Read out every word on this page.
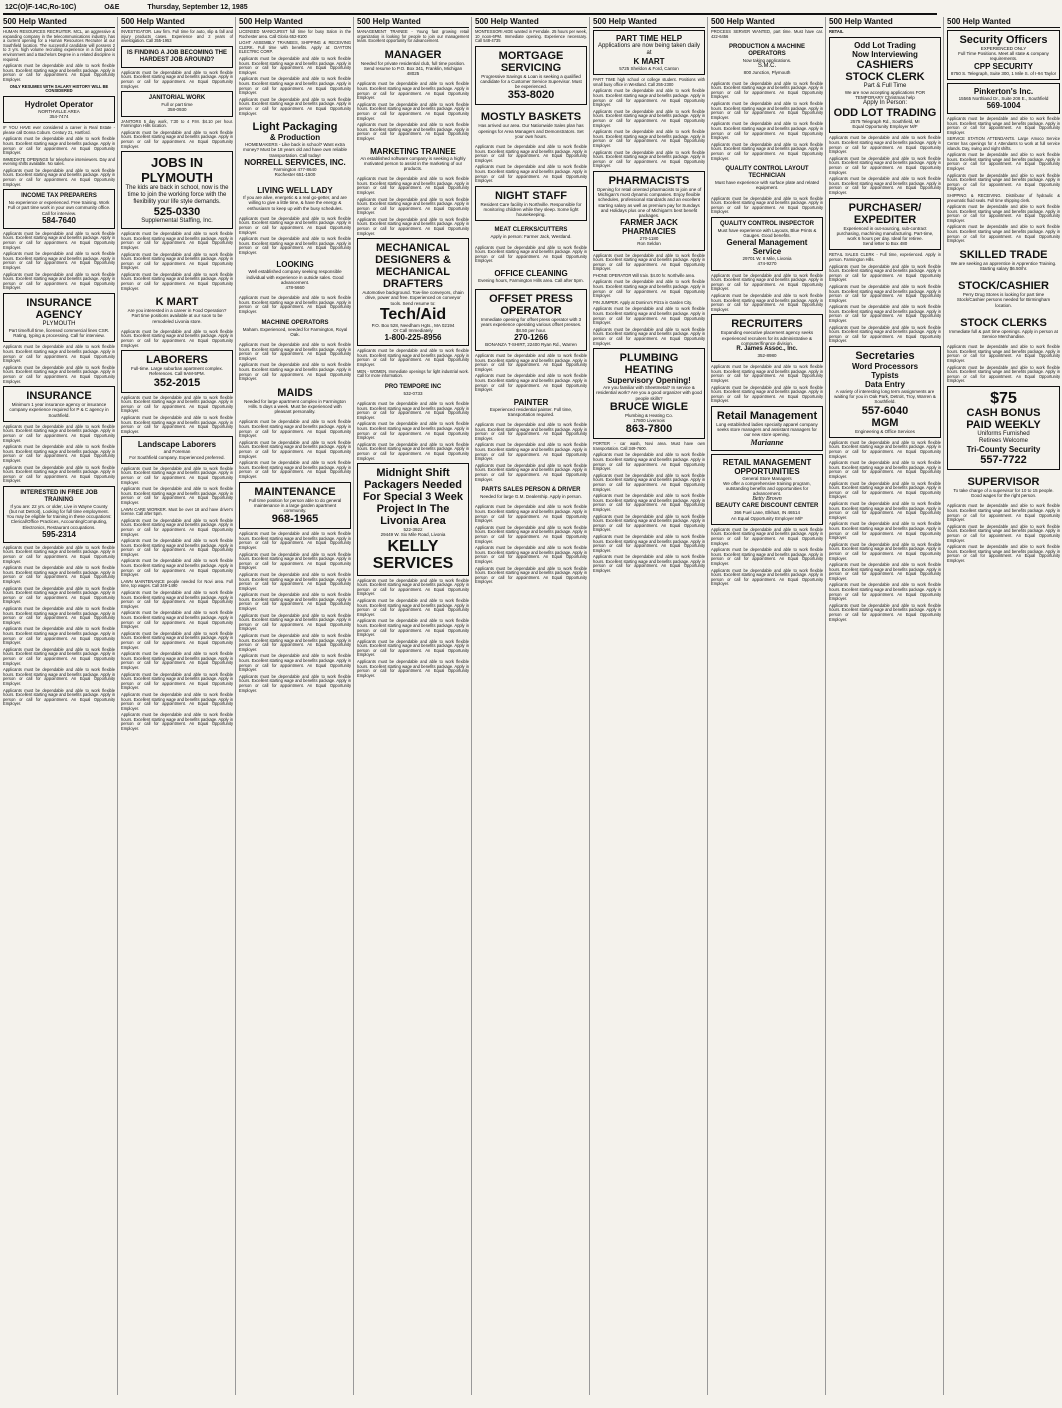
12C(O)F-14C,Ro-10C)	O&E	Thursday, September 12, 1985
500 Help Wanted

HUMAN RESOURCES RECRUITER. MCL, an aggressive & expanding company in the telecommunications industry, has a current opening for a Human Resources Recruiter at our Southfield location. The successful candidate will possess 2 to 3 yrs. high volume recruiting experience in a fast paced environment and a Bachelors Degree in a related discipline is required.

Applicants must be dependable and able to work flexible hours. Excellent starting wage and benefits package. Apply in person or call for appointment. An Equal Opportunity Employer.

ONLY RESUMES WITH SALARY HISTORY WILL BE CONSIDERED

Hydrolet Operator
NORTHVILLE AREA
354-7474

IF YOU HAVE ever considered a career in Real Estate - please call Donna Coburn. Century 21, Hartford.

Applicants must be dependable and able to work flexible hours. Excellent starting wage and benefits package. Apply in person or call for appointment. An Equal Opportunity Employer.

IMMEDIATE OPENINGS for telephone interviewers. Day and evening shifts available. No sales.

Applicants must be dependable and able to work flexible hours. Excellent starting wage and benefits package. Apply in person or call for appointment. An Equal Opportunity Employer.

INCOME TAX PREPARERS
No experience or experienced. Free training. Work Full or part time work in your own community office. Call for interview.
584-7640

Applicants must be dependable and able to work flexible hours. Excellent starting wage and benefits package. Apply in person or call for appointment. An Equal Opportunity Employer.

Applicants must be dependable and able to work flexible hours. Excellent starting wage and benefits package. Apply in person or call for appointment. An Equal Opportunity Employer.

Applicants must be dependable and able to work flexible hours. Excellent starting wage and benefits package. Apply in person or call for appointment. An Equal Opportunity Employer.

INSURANCE AGENCY
PLYMOUTH
Part time/full time, licensed commercial lines CSR. Rating, typing & processing. Call for interview.

Applicants must be dependable and able to work flexible hours. Excellent starting wage and benefits package. Apply in person or call for appointment. An Equal Opportunity Employer.

Applicants must be dependable and able to work flexible hours. Excellent starting wage and benefits package. Apply in person or call for appointment. An Equal Opportunity Employer.

INSURANCE
Minimum 1 year insurance agency or insurance company experience required for P & C agency in Southfield.

Applicants must be dependable and able to work flexible hours. Excellent starting wage and benefits package. Apply in person or call for appointment. An Equal Opportunity Employer.

Applicants must be dependable and able to work flexible hours. Excellent starting wage and benefits package. Apply in person or call for appointment. An Equal Opportunity Employer.

Applicants must be dependable and able to work flexible hours. Excellent starting wage and benefits package. Apply in person or call for appointment. An Equal Opportunity Employer.

INTERESTED IN FREE JOB TRAINING
If you are: 22 yrs. or older, Live in Wayne County (but not Detroit), Looking for full time employment. You may be eligible for training in these occupations: Clerical/Office Practices, Accounting/Computing, Electronics, Restaurant occupations.
595-2314

Applicants must be dependable and able to work flexible hours. Excellent starting wage and benefits package. Apply in person or call for appointment. An Equal Opportunity Employer.

Applicants must be dependable and able to work flexible hours. Excellent starting wage and benefits package. Apply in person or call for appointment. An Equal Opportunity Employer.

Applicants must be dependable and able to work flexible hours. Excellent starting wage and benefits package. Apply in person or call for appointment. An Equal Opportunity Employer.

Applicants must be dependable and able to work flexible hours. Excellent starting wage and benefits package. Apply in person or call for appointment. An Equal Opportunity Employer.

Applicants must be dependable and able to work flexible hours. Excellent starting wage and benefits package. Apply in person or call for appointment. An Equal Opportunity Employer.

Applicants must be dependable and able to work flexible hours. Excellent starting wage and benefits package. Apply in person or call for appointment. An Equal Opportunity Employer.

Applicants must be dependable and able to work flexible hours. Excellent starting wage and benefits package. Apply in person or call for appointment. An Equal Opportunity Employer.

Applicants must be dependable and able to work flexible hours. Excellent starting wage and benefits package. Apply in person or call for appointment. An Equal Opportunity Employer.

500 Help Wanted

INVESTIGATOR. Law firm. Full time for auto, slip & fall and injury products cases. Experience and 2 years of investigation. Call 355-1953

IS FINDING A JOB BECOMING THE HARDEST JOB AROUND?

Applicants must be dependable and able to work flexible hours. Excellent starting wage and benefits package. Apply in person or call for appointment. An Equal Opportunity Employer.

JANITORIAL WORK
Full or part time
358-0930

JANITORS 5 day work, 7:30 to 4 P.M. $4.10 per hour. Farmington Hills location.

Applicants must be dependable and able to work flexible hours. Excellent starting wage and benefits package. Apply in person or call for appointment. An Equal Opportunity Employer.

JOBS IN PLYMOUTH
The kids are back in school, now is the time to join the working force with the flexibility your life style demands.
525-0330
Supplemental Staffing, Inc.

Applicants must be dependable and able to work flexible hours. Excellent starting wage and benefits package. Apply in person or call for appointment. An Equal Opportunity Employer.

Applicants must be dependable and able to work flexible hours. Excellent starting wage and benefits package. Apply in person or call for appointment. An Equal Opportunity Employer.

Applicants must be dependable and able to work flexible hours. Excellent starting wage and benefits package. Apply in person or call for appointment. An Equal Opportunity Employer.

K MART
Are you interested in a career in Food Operation? Part time positions available at our soon to be remodeled Livonia store.

Applicants must be dependable and able to work flexible hours. Excellent starting wage and benefits package. Apply in person or call for appointment. An Equal Opportunity Employer.

LABORERS
Full-time. Large suburban apartment complex. References. Call 9AM-5PM.
352-2015

Applicants must be dependable and able to work flexible hours. Excellent starting wage and benefits package. Apply in person or call for appointment. An Equal Opportunity Employer.

Applicants must be dependable and able to work flexible hours. Excellent starting wage and benefits package. Apply in person or call for appointment. An Equal Opportunity Employer.

Landscape Laborers
and Foreman
For Southfield company. Experienced preferred.

Applicants must be dependable and able to work flexible hours. Excellent starting wage and benefits package. Apply in person or call for appointment. An Equal Opportunity Employer.

Applicants must be dependable and able to work flexible hours. Excellent starting wage and benefits package. Apply in person or call for appointment. An Equal Opportunity Employer.

LAWN CARE WORKER. Must be over 18 and have driver's license. Call after 5pm.

Applicants must be dependable and able to work flexible hours. Excellent starting wage and benefits package. Apply in person or call for appointment. An Equal Opportunity Employer.

Applicants must be dependable and able to work flexible hours. Excellent starting wage and benefits package. Apply in person or call for appointment. An Equal Opportunity Employer.

Applicants must be dependable and able to work flexible hours. Excellent starting wage and benefits package. Apply in person or call for appointment. An Equal Opportunity Employer.

LAWN MAINTENANCE people needed for Novi area. Full time, top wages. Call 349-1490

Applicants must be dependable and able to work flexible hours. Excellent starting wage and benefits package. Apply in person or call for appointment. An Equal Opportunity Employer.

Applicants must be dependable and able to work flexible hours. Excellent starting wage and benefits package. Apply in person or call for appointment. An Equal Opportunity Employer.

Applicants must be dependable and able to work flexible hours. Excellent starting wage and benefits package. Apply in person or call for appointment. An Equal Opportunity Employer.

Applicants must be dependable and able to work flexible hours. Excellent starting wage and benefits package. Apply in person or call for appointment. An Equal Opportunity Employer.

Applicants must be dependable and able to work flexible hours. Excellent starting wage and benefits package. Apply in person or call for appointment. An Equal Opportunity Employer.

Applicants must be dependable and able to work flexible hours. Excellent starting wage and benefits package. Apply in person or call for appointment. An Equal Opportunity Employer.

Applicants must be dependable and able to work flexible hours. Excellent starting wage and benefits package. Apply in person or call for appointment. An Equal Opportunity Employer.

500 Help Wanted

LICENSED MANICURIST full time for busy Salon in the Rochester area. Call Gloria 652-9100

LIGHT ASSEMBLY TRAINEES, SHIPPING & RECEIVING CLERK. Full time with benefits. Apply at: DAYTON ELECTRIC CORP.

Applicants must be dependable and able to work flexible hours. Excellent starting wage and benefits package. Apply in person or call for appointment. An Equal Opportunity Employer.

Applicants must be dependable and able to work flexible hours. Excellent starting wage and benefits package. Apply in person or call for appointment. An Equal Opportunity Employer.

Applicants must be dependable and able to work flexible hours. Excellent starting wage and benefits package. Apply in person or call for appointment. An Equal Opportunity Employer.

Light Packaging
& Production
HOMEMAKERS - Like back in school? Want extra money? Must be 18 years old and have own reliable transportation. Call today!
NORRELL SERVICES, INC.
Farmington 477-8640
Rochester 651-1500
LIVING WELL LADY
If you are alive, energetic & a real go-getter, and are willing to give a little time, & have the energy & enthusiasm to keep up with the busy schedules.

Applicants must be dependable and able to work flexible hours. Excellent starting wage and benefits package. Apply in person or call for appointment. An Equal Opportunity Employer.

Applicants must be dependable and able to work flexible hours. Excellent starting wage and benefits package. Apply in person or call for appointment. An Equal Opportunity Employer.

LOOKING
Well established company seeking responsible individual with experience in outside sales. Good advancement.
478-5660

Applicants must be dependable and able to work flexible hours. Excellent starting wage and benefits package. Apply in person or call for appointment. An Equal Opportunity Employer.

MACHINE OPERATORS
Maham. Experienced, needed for Farmington, Royal Oak.

Applicants must be dependable and able to work flexible hours. Excellent starting wage and benefits package. Apply in person or call for appointment. An Equal Opportunity Employer.

Applicants must be dependable and able to work flexible hours. Excellent starting wage and benefits package. Apply in person or call for appointment. An Equal Opportunity Employer.

MAIDS
Needed for large apartment complex in Farmington Hills. 5 days a week. Must be experienced with pleasant personality.

Applicants must be dependable and able to work flexible hours. Excellent starting wage and benefits package. Apply in person or call for appointment. An Equal Opportunity Employer.

Applicants must be dependable and able to work flexible hours. Excellent starting wage and benefits package. Apply in person or call for appointment. An Equal Opportunity Employer.

Applicants must be dependable and able to work flexible hours. Excellent starting wage and benefits package. Apply in person or call for appointment. An Equal Opportunity Employer.

MAINTENANCE
Full time position for person able to do general maintenance in a large garden apartment community.
968-1965

Applicants must be dependable and able to work flexible hours. Excellent starting wage and benefits package. Apply in person or call for appointment. An Equal Opportunity Employer.

Applicants must be dependable and able to work flexible hours. Excellent starting wage and benefits package. Apply in person or call for appointment. An Equal Opportunity Employer.

Applicants must be dependable and able to work flexible hours. Excellent starting wage and benefits package. Apply in person or call for appointment. An Equal Opportunity Employer.

Applicants must be dependable and able to work flexible hours. Excellent starting wage and benefits package. Apply in person or call for appointment. An Equal Opportunity Employer.

Applicants must be dependable and able to work flexible hours. Excellent starting wage and benefits package. Apply in person or call for appointment. An Equal Opportunity Employer.

Applicants must be dependable and able to work flexible hours. Excellent starting wage and benefits package. Apply in person or call for appointment. An Equal Opportunity Employer.

Applicants must be dependable and able to work flexible hours. Excellent starting wage and benefits package. Apply in person or call for appointment. An Equal Opportunity Employer.

Applicants must be dependable and able to work flexible hours. Excellent starting wage and benefits package. Apply in person or call for appointment. An Equal Opportunity Employer.

500 Help Wanted

MANAGEMENT TRAINEE - Young fast growing retail organization is looking for people to join our management team. Excellent opportunity for advancement.

MANAGER
Needed for private residential club, full time position. Send resume to P.O. Box 341, Franklin, Michigan 48025

Applicants must be dependable and able to work flexible hours. Excellent starting wage and benefits package. Apply in person or call for appointment. An Equal Opportunity Employer.

Applicants must be dependable and able to work flexible hours. Excellent starting wage and benefits package. Apply in person or call for appointment. An Equal Opportunity Employer.

Applicants must be dependable and able to work flexible hours. Excellent starting wage and benefits package. Apply in person or call for appointment. An Equal Opportunity Employer.

MARKETING TRAINEE
An established software company is seeking a highly motivated person to assist in the marketing of our products.

Applicants must be dependable and able to work flexible hours. Excellent starting wage and benefits package. Apply in person or call for appointment. An Equal Opportunity Employer.

Applicants must be dependable and able to work flexible hours. Excellent starting wage and benefits package. Apply in person or call for appointment. An Equal Opportunity Employer.

Applicants must be dependable and able to work flexible hours. Excellent starting wage and benefits package. Apply in person or call for appointment. An Equal Opportunity Employer.

MECHANICAL DESIGNERS & MECHANICAL DRAFTERS
Automotive background. Tow-line conveyors, chain drive, power and free. Experienced on conveyor tools. Send resume to:
Tech/Aid
P.O. Box 528, Needham Hgts., MA 02194
Or Call Immediately
1-800-225-8956

Applicants must be dependable and able to work flexible hours. Excellent starting wage and benefits package. Apply in person or call for appointment. An Equal Opportunity Employer.

MEN - WOMEN. Immediate openings for light industrial work. Call for more information.

PRO TEMPORE INC
532-0733

Applicants must be dependable and able to work flexible hours. Excellent starting wage and benefits package. Apply in person or call for appointment. An Equal Opportunity Employer.

Applicants must be dependable and able to work flexible hours. Excellent starting wage and benefits package. Apply in person or call for appointment. An Equal Opportunity Employer.

Applicants must be dependable and able to work flexible hours. Excellent starting wage and benefits package. Apply in person or call for appointment. An Equal Opportunity Employer.

Midnight Shift Packagers Needed For Special 3 Week Project In The Livonia Area
522-3922
29449 W. Six Mile Road, Livonia
KELLY SERVICES

Applicants must be dependable and able to work flexible hours. Excellent starting wage and benefits package. Apply in person or call for appointment. An Equal Opportunity Employer.

Applicants must be dependable and able to work flexible hours. Excellent starting wage and benefits package. Apply in person or call for appointment. An Equal Opportunity Employer.

Applicants must be dependable and able to work flexible hours. Excellent starting wage and benefits package. Apply in person or call for appointment. An Equal Opportunity Employer.

Applicants must be dependable and able to work flexible hours. Excellent starting wage and benefits package. Apply in person or call for appointment. An Equal Opportunity Employer.

Applicants must be dependable and able to work flexible hours. Excellent starting wage and benefits package. Apply in person or call for appointment. An Equal Opportunity Employer.

500 Help Wanted

MONTESSORI AIDE wanted in Ferndale. 25 hours per week, 10 noon-6PM. Immediate opening. Experience necessary. Call 548-4735

MORTGAGE SERVICING
Progressive Savings & Loan is seeking a qualified candidate for a Customer Service Supervisor. Must be experienced.
353-8020
MOSTLY BASKETS
Has arrived our area. Our Nationwide Sales plan has openings for Area Managers and Demonstrators. Set your own hours.

Applicants must be dependable and able to work flexible hours. Excellent starting wage and benefits package. Apply in person or call for appointment. An Equal Opportunity Employer.

Applicants must be dependable and able to work flexible hours. Excellent starting wage and benefits package. Apply in person or call for appointment. An Equal Opportunity Employer.

NIGHT STAFF
Resident Care facility in Northville. Responsible for monitoring children while they sleep. Some light housekeeping.
MEAT CLERKS/CUTTERS
Apply in person: Farmer Jack, Westland.

Applicants must be dependable and able to work flexible hours. Excellent starting wage and benefits package. Apply in person or call for appointment. An Equal Opportunity Employer.

OFFICE CLEANING
Evening hours, Farmington Hills area. Call after 5pm.
OFFSET PRESS OPERATOR
Immediate opening for offset press operator with 3 years experience operating various offset presses. $8.50 per hour.
270-1266
BONANZA T-SHIRT, 22400 Ryan Rd., Warren

Applicants must be dependable and able to work flexible hours. Excellent starting wage and benefits package. Apply in person or call for appointment. An Equal Opportunity Employer.

Applicants must be dependable and able to work flexible hours. Excellent starting wage and benefits package. Apply in person or call for appointment. An Equal Opportunity Employer.

PAINTER
Experienced residential painter. Full time, transportation required.

Applicants must be dependable and able to work flexible hours. Excellent starting wage and benefits package. Apply in person or call for appointment. An Equal Opportunity Employer.

Applicants must be dependable and able to work flexible hours. Excellent starting wage and benefits package. Apply in person or call for appointment. An Equal Opportunity Employer.

Applicants must be dependable and able to work flexible hours. Excellent starting wage and benefits package. Apply in person or call for appointment. An Equal Opportunity Employer.

PARTS SALES PERSON & DRIVER
Needed for large G.M. Dealership. Apply in person.

Applicants must be dependable and able to work flexible hours. Excellent starting wage and benefits package. Apply in person or call for appointment. An Equal Opportunity Employer.

Applicants must be dependable and able to work flexible hours. Excellent starting wage and benefits package. Apply in person or call for appointment. An Equal Opportunity Employer.

Applicants must be dependable and able to work flexible hours. Excellent starting wage and benefits package. Apply in person or call for appointment. An Equal Opportunity Employer.

Applicants must be dependable and able to work flexible hours. Excellent starting wage and benefits package. Apply in person or call for appointment. An Equal Opportunity Employer.

500 Help Wanted
PART TIME HELP
Applications are now being taken daily at
K MART
5725 Sheldon & Ford, Canton

PART TIME high school or college student. Positions with small busy office in Westland. Call 255-2300

Applicants must be dependable and able to work flexible hours. Excellent starting wage and benefits package. Apply in person or call for appointment. An Equal Opportunity Employer.

Applicants must be dependable and able to work flexible hours. Excellent starting wage and benefits package. Apply in person or call for appointment. An Equal Opportunity Employer.

Applicants must be dependable and able to work flexible hours. Excellent starting wage and benefits package. Apply in person or call for appointment. An Equal Opportunity Employer.

Applicants must be dependable and able to work flexible hours. Excellent starting wage and benefits package. Apply in person or call for appointment. An Equal Opportunity Employer.

PHARMACISTS
Opening for retail oriented pharmacists to join one of Michigan's most dynamic companies. Enjoy flexible schedules, professional standards and an excellent starting salary as well as premium pay for Sundays and Holidays plus one of Michigan's best benefit packages.
FARMER JACK PHARMACIES
270-1180
Ron Seldon

Applicants must be dependable and able to work flexible hours. Excellent starting wage and benefits package. Apply in person or call for appointment. An Equal Opportunity Employer.

PHONE OPERATOR Will train. $4.00 hr. Northville area.

Applicants must be dependable and able to work flexible hours. Excellent starting wage and benefits package. Apply in person or call for appointment. An Equal Opportunity Employer.

PIN JUMPER. Apply at Domino's Pizza in Garden City.

Applicants must be dependable and able to work flexible hours. Excellent starting wage and benefits package. Apply in person or call for appointment. An Equal Opportunity Employer.

Applicants must be dependable and able to work flexible hours. Excellent starting wage and benefits package. Apply in person or call for appointment. An Equal Opportunity Employer.

PLUMBING HEATING
Supervisory Opening!
Are you familiar with Sheetmetal? In service & residential work? Are you a good organizer with good people skills?
BRUCE WIGLE
Plumbing & Heating Co.
17800 Livernois
863-7800

PORTER - car wash, Novi area. Must have own transportation. Call 349-7600.

Applicants must be dependable and able to work flexible hours. Excellent starting wage and benefits package. Apply in person or call for appointment. An Equal Opportunity Employer.

Applicants must be dependable and able to work flexible hours. Excellent starting wage and benefits package. Apply in person or call for appointment. An Equal Opportunity Employer.

Applicants must be dependable and able to work flexible hours. Excellent starting wage and benefits package. Apply in person or call for appointment. An Equal Opportunity Employer.

Applicants must be dependable and able to work flexible hours. Excellent starting wage and benefits package. Apply in person or call for appointment. An Equal Opportunity Employer.

Applicants must be dependable and able to work flexible hours. Excellent starting wage and benefits package. Apply in person or call for appointment. An Equal Opportunity Employer.

Applicants must be dependable and able to work flexible hours. Excellent starting wage and benefits package. Apply in person or call for appointment. An Equal Opportunity Employer.

500 Help Wanted

PROCESS SERVER WANTED, part time. Must have car. 422-6456

PRODUCTION & MACHINE OPERATORS
Now taking applications.
S.M.C.
800 Junction, Plymouth

Applicants must be dependable and able to work flexible hours. Excellent starting wage and benefits package. Apply in person or call for appointment. An Equal Opportunity Employer.

Applicants must be dependable and able to work flexible hours. Excellent starting wage and benefits package. Apply in person or call for appointment. An Equal Opportunity Employer.

Applicants must be dependable and able to work flexible hours. Excellent starting wage and benefits package. Apply in person or call for appointment. An Equal Opportunity Employer.

Applicants must be dependable and able to work flexible hours. Excellent starting wage and benefits package. Apply in person or call for appointment. An Equal Opportunity Employer.

QUALITY CONTROL LAYOUT TECHNICIAN
Must have experience with surface plate and related equipment.

Applicants must be dependable and able to work flexible hours. Excellent starting wage and benefits package. Apply in person or call for appointment. An Equal Opportunity Employer.

QUALITY CONTROL INSPECTOR
Must have experience with Layouts, Blue Prints & Gauges. Good benefits.
General Management Service
29701 W. 8 Mile, Livonia
474-9270

Applicants must be dependable and able to work flexible hours. Excellent starting wage and benefits package. Apply in person or call for appointment. An Equal Opportunity Employer.

Applicants must be dependable and able to work flexible hours. Excellent starting wage and benefits package. Apply in person or call for appointment. An Equal Opportunity Employer.

RECRUITERS
Expanding executive placement agency seeks experienced recruiters for its administrative & computer/finance division.
R. James Assoc., Inc.
352-8980

Applicants must be dependable and able to work flexible hours. Excellent starting wage and benefits package. Apply in person or call for appointment. An Equal Opportunity Employer.

Applicants must be dependable and able to work flexible hours. Excellent starting wage and benefits package. Apply in person or call for appointment. An Equal Opportunity Employer.

Retail Management
Long established ladies specialty apparel company seeks store managers and assistant managers for our new store opening.
Marianne
RETAIL MANAGEMENT OPPORTUNITIES
General Store Managers
We offer a comprehensive training program, outstanding benefits and opportunities for advancement.
Betty Brown
BEAUTY CARE DISCOUNT CENTER
366 Fuel Lane, Elkhart, IN 46514
An Equal Opportunity Employer M/F

Applicants must be dependable and able to work flexible hours. Excellent starting wage and benefits package. Apply in person or call for appointment. An Equal Opportunity Employer.

Applicants must be dependable and able to work flexible hours. Excellent starting wage and benefits package. Apply in person or call for appointment. An Equal Opportunity Employer.

Applicants must be dependable and able to work flexible hours. Excellent starting wage and benefits package. Apply in person or call for appointment. An Equal Opportunity Employer.

500 Help Wanted

RETAIL

Odd Lot Trading
Now Interviewing
CASHIERS
STOCK CLERK
Part & Full Time
We are now accepting applications FOR TEMPORARY Christmas help
Apply In Person:
ODD LOT TRADING
2575 Telegraph Rd., Southfield, MI
Equal Opportunity Employer M/F

Applicants must be dependable and able to work flexible hours. Excellent starting wage and benefits package. Apply in person or call for appointment. An Equal Opportunity Employer.

Applicants must be dependable and able to work flexible hours. Excellent starting wage and benefits package. Apply in person or call for appointment. An Equal Opportunity Employer.

Applicants must be dependable and able to work flexible hours. Excellent starting wage and benefits package. Apply in person or call for appointment. An Equal Opportunity Employer.

PURCHASER/ EXPEDITER
Experienced in out-sourcing, sub-contract purchasing, machining manufacturing. Part-time, work 6 hours per day. Ideal for retiree.
Send letter to Box 480

RETAIL SALES CLERK - Full time, experienced. Apply in person. Farmington Hills.

Applicants must be dependable and able to work flexible hours. Excellent starting wage and benefits package. Apply in person or call for appointment. An Equal Opportunity Employer.

Applicants must be dependable and able to work flexible hours. Excellent starting wage and benefits package. Apply in person or call for appointment. An Equal Opportunity Employer.

Applicants must be dependable and able to work flexible hours. Excellent starting wage and benefits package. Apply in person or call for appointment. An Equal Opportunity Employer.

Applicants must be dependable and able to work flexible hours. Excellent starting wage and benefits package. Apply in person or call for appointment. An Equal Opportunity Employer.

Secretaries
Word Processors
Typists
Data Entry
A variety of interesting long term assignments are waiting for you in Oak Park, Detroit, Troy, Warren & Southfield.
557-6040
MGM
Engineering & Office Services

Applicants must be dependable and able to work flexible hours. Excellent starting wage and benefits package. Apply in person or call for appointment. An Equal Opportunity Employer.

Applicants must be dependable and able to work flexible hours. Excellent starting wage and benefits package. Apply in person or call for appointment. An Equal Opportunity Employer.

Applicants must be dependable and able to work flexible hours. Excellent starting wage and benefits package. Apply in person or call for appointment. An Equal Opportunity Employer.

Applicants must be dependable and able to work flexible hours. Excellent starting wage and benefits package. Apply in person or call for appointment. An Equal Opportunity Employer.

Applicants must be dependable and able to work flexible hours. Excellent starting wage and benefits package. Apply in person or call for appointment. An Equal Opportunity Employer.

Applicants must be dependable and able to work flexible hours. Excellent starting wage and benefits package. Apply in person or call for appointment. An Equal Opportunity Employer.

Applicants must be dependable and able to work flexible hours. Excellent starting wage and benefits package. Apply in person or call for appointment. An Equal Opportunity Employer.

Applicants must be dependable and able to work flexible hours. Excellent starting wage and benefits package. Apply in person or call for appointment. An Equal Opportunity Employer.

Applicants must be dependable and able to work flexible hours. Excellent starting wage and benefits package. Apply in person or call for appointment. An Equal Opportunity Employer.

500 Help Wanted
Security Officers
EXPERIENCED ONLY
Full Time Positions. Meet all state & company requirements.
CPP SECURITY
8750 S. Telegraph, Suite 300, 1 Mile S. of I-94 Taylor
Pinkerton's Inc.
15565 Northland Dr., Suite 208 E., Southfield
569-1004

Applicants must be dependable and able to work flexible hours. Excellent starting wage and benefits package. Apply in person or call for appointment. An Equal Opportunity Employer.

SERVICE STATION ATTENDANTS. Large Amoco Service Center has openings for 4 Attendants to work at full service islands. Day, swing and night shifts.

Applicants must be dependable and able to work flexible hours. Excellent starting wage and benefits package. Apply in person or call for appointment. An Equal Opportunity Employer.

Applicants must be dependable and able to work flexible hours. Excellent starting wage and benefits package. Apply in person or call for appointment. An Equal Opportunity Employer.

SHIPPING & RECEIVING. Distributor of hydraulic & pneumatic fluid seals. Full time shipping clerk.

Applicants must be dependable and able to work flexible hours. Excellent starting wage and benefits package. Apply in person or call for appointment. An Equal Opportunity Employer.

Applicants must be dependable and able to work flexible hours. Excellent starting wage and benefits package. Apply in person or call for appointment. An Equal Opportunity Employer.

SKILLED TRADE
We are seeking an apprentice in Apprentice Training. Starting salary $6.50/hr.
STOCK/CASHIER
Perry Drug Stores is looking for part time Stock/Cashier persons needed for Birmingham location.
STOCK CLERKS
Immediate full & part time openings. Apply in person at Service Merchandise.

Applicants must be dependable and able to work flexible hours. Excellent starting wage and benefits package. Apply in person or call for appointment. An Equal Opportunity Employer.

Applicants must be dependable and able to work flexible hours. Excellent starting wage and benefits package. Apply in person or call for appointment. An Equal Opportunity Employer.

$75
CASH BONUS
PAID WEEKLY
Uniforms Furnished
Retirees Welcome
Tri-County Security
557-7722
SUPERVISOR
To take charge of a supervisor for 10 to 15 people. Good wages for the right person.

Applicants must be dependable and able to work flexible hours. Excellent starting wage and benefits package. Apply in person or call for appointment. An Equal Opportunity Employer.

Applicants must be dependable and able to work flexible hours. Excellent starting wage and benefits package. Apply in person or call for appointment. An Equal Opportunity Employer.

Applicants must be dependable and able to work flexible hours. Excellent starting wage and benefits package. Apply in person or call for appointment. An Equal Opportunity Employer.
